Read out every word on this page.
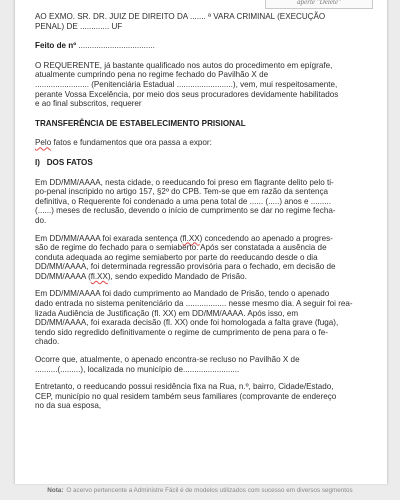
aperte "Delete"
AO EXMO. SR. DR. JUIZ DE DIREITO DA ....... ª VARA CRIMINAL (EXECUÇÃO
PENAL) DE ............. UF
Feito de nº ..................................
O REQUERENTE, já bastante qualificado nos autos do procedimento em epígrafe,
atualmente cumprindo pena no regime fechado do Pavilhão X de
........................ (Penitenciária Estadual .........................), vem, mui respeitosamente,
perante Vossa Excelência, por meio dos seus procuradores devidamente habilitados
e ao final subscritos, requerer
TRANSFERÊNCIA DE ESTABELECIMENTO PRISIONAL
Pelo fatos e fundamentos que ora passa a expor:
I) DOS FATOS
Em DD/MM/AAAA, nesta cidade, o reeducando foi preso em flagrante delito pelo ti-
po-penal inscripido no artigo 157, §2º do CPB. Tem-se que em razão da sentença
definitiva, o Requerente foi condenado a uma pena total de ...... (.....) anos e .........
(......) meses de reclusão, devendo o início de cumprimento se dar no regime fecha-
do.
Em DD/MM/AAAA foi exarada sentença (fl.XX) concedendo ao apenado a progres-
são de regime do fechado para o semiaberto. Após ser constatada a ausência de
conduta adequada ao regime semiaberto por parte do reeducando desde o dia
DD/MM/AAAA, foi determinada regressão provisória para o fechado, em decisão de
DD/MM/AAAA (fl.XX), sendo expedido Mandado de Prisão.
Em DD/MM/AAAA foi dado cumprimento ao Mandado de Prisão, tendo o apenado
dado entrada no sistema penitenciário da .................. nesse mesmo dia. A seguir foi rea-
lizada Audiência de Justificação (fl. XX) em DD/MM/AAAA. Após isso, em
DD/MM/AAAA, foi exarada decisão (fl. XX) onde foi homologada a falta grave (fuga),
tendo sido regredido definitivamente o regime de cumprimento de pena para o fe-
chado.
Ocorre que, atualmente, o apenado encontra-se recluso no Pavilhão X de
..........(.........), localizada no município de.........................
Entretanto, o reeducando possui residência fixa na Rua, n.º, bairro, Cidade/Estado,
CEP, município no qual residem também seus familiares (comprovante de endereço
no da sua esposa,
Nota: O acervo pertencente a Administre Fácil é de modelos utilizados com sucesso em diversos segmentos
